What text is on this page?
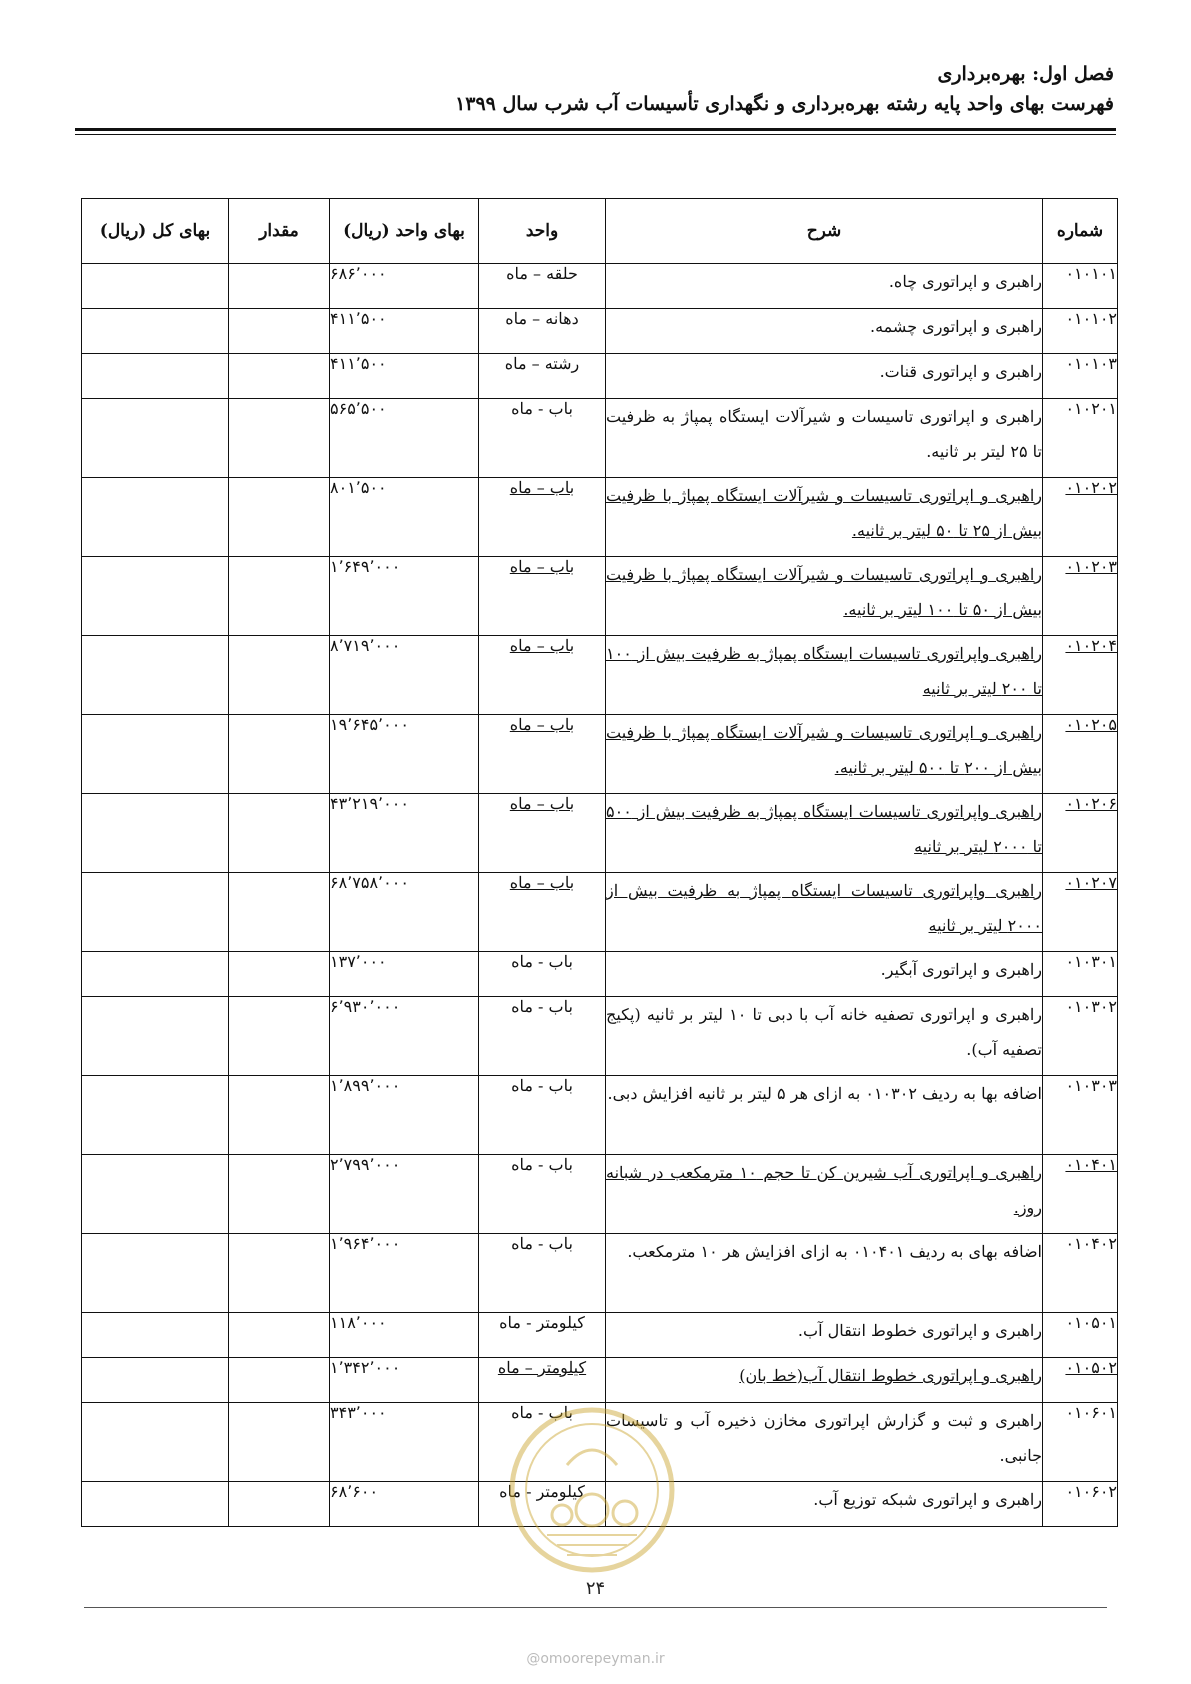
فصل اول: بهره‌برداری
فهرست بهای واحد پایه رشته بهره‌برداری و نگهداری تأسیسات آب شرب سال ۱۳۹۹
شماره	شرح	واحد	بهای واحد (ریال)	مقدار	بهای کل (ریال)
۰۱۰۱۰۱	راهبری و اپراتوری چاه.	حلقه – ماه	۶۸۶٬۰۰۰		
۰۱۰۱۰۲	راهبری و اپراتوری چشمه.	دهانه – ماه	۴۱۱٬۵۰۰		
۰۱۰۱۰۳	راهبری و اپراتوری قنات.	رشته – ماه	۴۱۱٬۵۰۰		
۰۱۰۲۰۱	راهبری و اپراتوری تاسیسات و شیرآلات ایستگاه پمپاژ به ظرفیت تا ۲۵ لیتر بر ثانیه.	باب - ماه	۵۶۵٬۵۰۰		
۰۱۰۲۰۲	راهبری و اپراتوری تاسیسات و شیرآلات ایستگاه پمپاژ با ظرفیت بیش از ۲۵ تا ۵۰ لیتر بر ثانیه.	باب – ماه	۸۰۱٬۵۰۰		
۰۱۰۲۰۳	راهبری و اپراتوری تاسیسات و شیرآلات ایستگاه پمپاژ با ظرفیت بیش از ۵۰ تا ۱۰۰ لیتر بر ثانیه.	باب – ماه	۱٬۶۴۹٬۰۰۰		
۰۱۰۲۰۴	راهبری واپراتوری تاسیسات ایستگاه پمپاژ به ظرفیت بیش از ۱۰۰ تا ۲۰۰ لیتر بر ثانیه	باب – ماه	۸٬۷۱۹٬۰۰۰		
۰۱۰۲۰۵	راهبری و اپراتوری تاسیسات و شیرآلات ایستگاه پمپاژ با ظرفیت بیش از ۲۰۰ تا ۵۰۰ لیتر بر ثانیه.	باب – ماه	۱۹٬۶۴۵٬۰۰۰		
۰۱۰۲۰۶	راهبری واپراتوری تاسیسات ایستگاه پمپاژ به ظرفیت بیش از ۵۰۰ تا ۲۰۰۰ لیتر بر ثانیه	باب – ماه	۴۳٬۲۱۹٬۰۰۰		
۰۱۰۲۰۷	راهبری واپراتوری تاسیسات ایستگاه پمپاژ به ظرفیت بیش از ۲۰۰۰ لیتر بر ثانیه	باب – ماه	۶۸٬۷۵۸٬۰۰۰		
۰۱۰۳۰۱	راهبری و اپراتوری آبگیر.	باب - ماه	۱۳۷٬۰۰۰		
۰۱۰۳۰۲	راهبری و اپراتوری تصفیه خانه آب با دبی تا ۱۰ لیتر بر ثانیه (پکیج تصفیه آب).	باب - ماه	۶٬۹۳۰٬۰۰۰		
۰۱۰۳۰۳	اضافه بها به ردیف ۰۱۰۳۰۲ به ازای هر ۵ لیتر بر ثانیه افزایش دبی.	باب - ماه	۱٬۸۹۹٬۰۰۰		
۰۱۰۴۰۱	راهبری و اپراتوری آب شیرین کن تا حجم ۱۰ مترمکعب در شبانه روز.	باب - ماه	۲٬۷۹۹٬۰۰۰		
۰۱۰۴۰۲	اضافه بهای به ردیف ۰۱۰۴۰۱ به ازای افزایش هر ۱۰ مترمکعب.	باب - ماه	۱٬۹۶۴٬۰۰۰		
۰۱۰۵۰۱	راهبری و اپراتوری خطوط انتقال آب.	کیلومتر - ماه	۱۱۸٬۰۰۰		
۰۱۰۵۰۲	راهبری و اپراتوری خطوط انتقال آب(خط بان)	کیلومتر – ماه	۱٬۳۴۲٬۰۰۰		
۰۱۰۶۰۱	راهبری و ثبت و گزارش اپراتوری مخازن ذخیره آب و تاسیسات جانبی.	باب - ماه	۳۴۳٬۰۰۰		
۰۱۰۶۰۲	راهبری و اپراتوری شبکه توزیع آب.	کیلومتر - ماه	۶۸٬۶۰۰		
۲۴
@omoorepeyman.ir
